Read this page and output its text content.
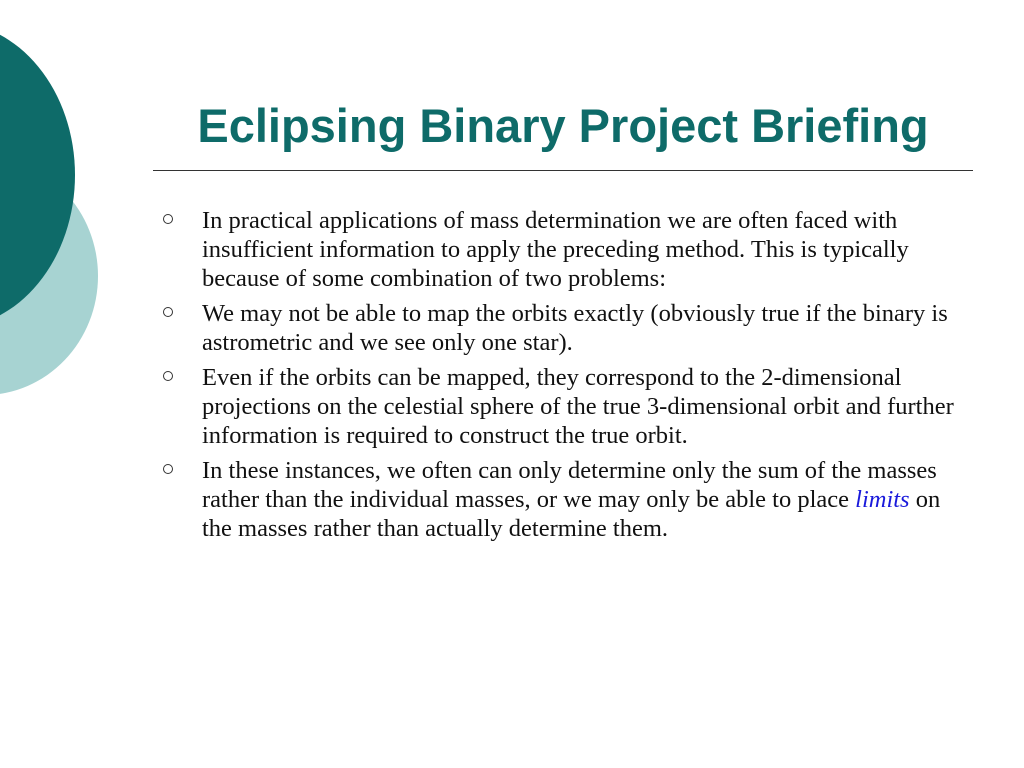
Eclipsing Binary Project Briefing
In practical applications of mass determination we are often faced with insufficient information to apply the preceding method. This is typically because of some combination of two problems:
We may not be able to map the orbits exactly (obviously true if the binary is astrometric and we see only one star).
Even if the orbits can be mapped, they correspond to the 2-dimensional projections on the celestial sphere of the true 3-dimensional orbit and further information is required to construct the true orbit.
In these instances, we often can only determine only the sum of the masses rather than the individual masses, or we may only be able to place limits on the masses rather than actually determine them.
